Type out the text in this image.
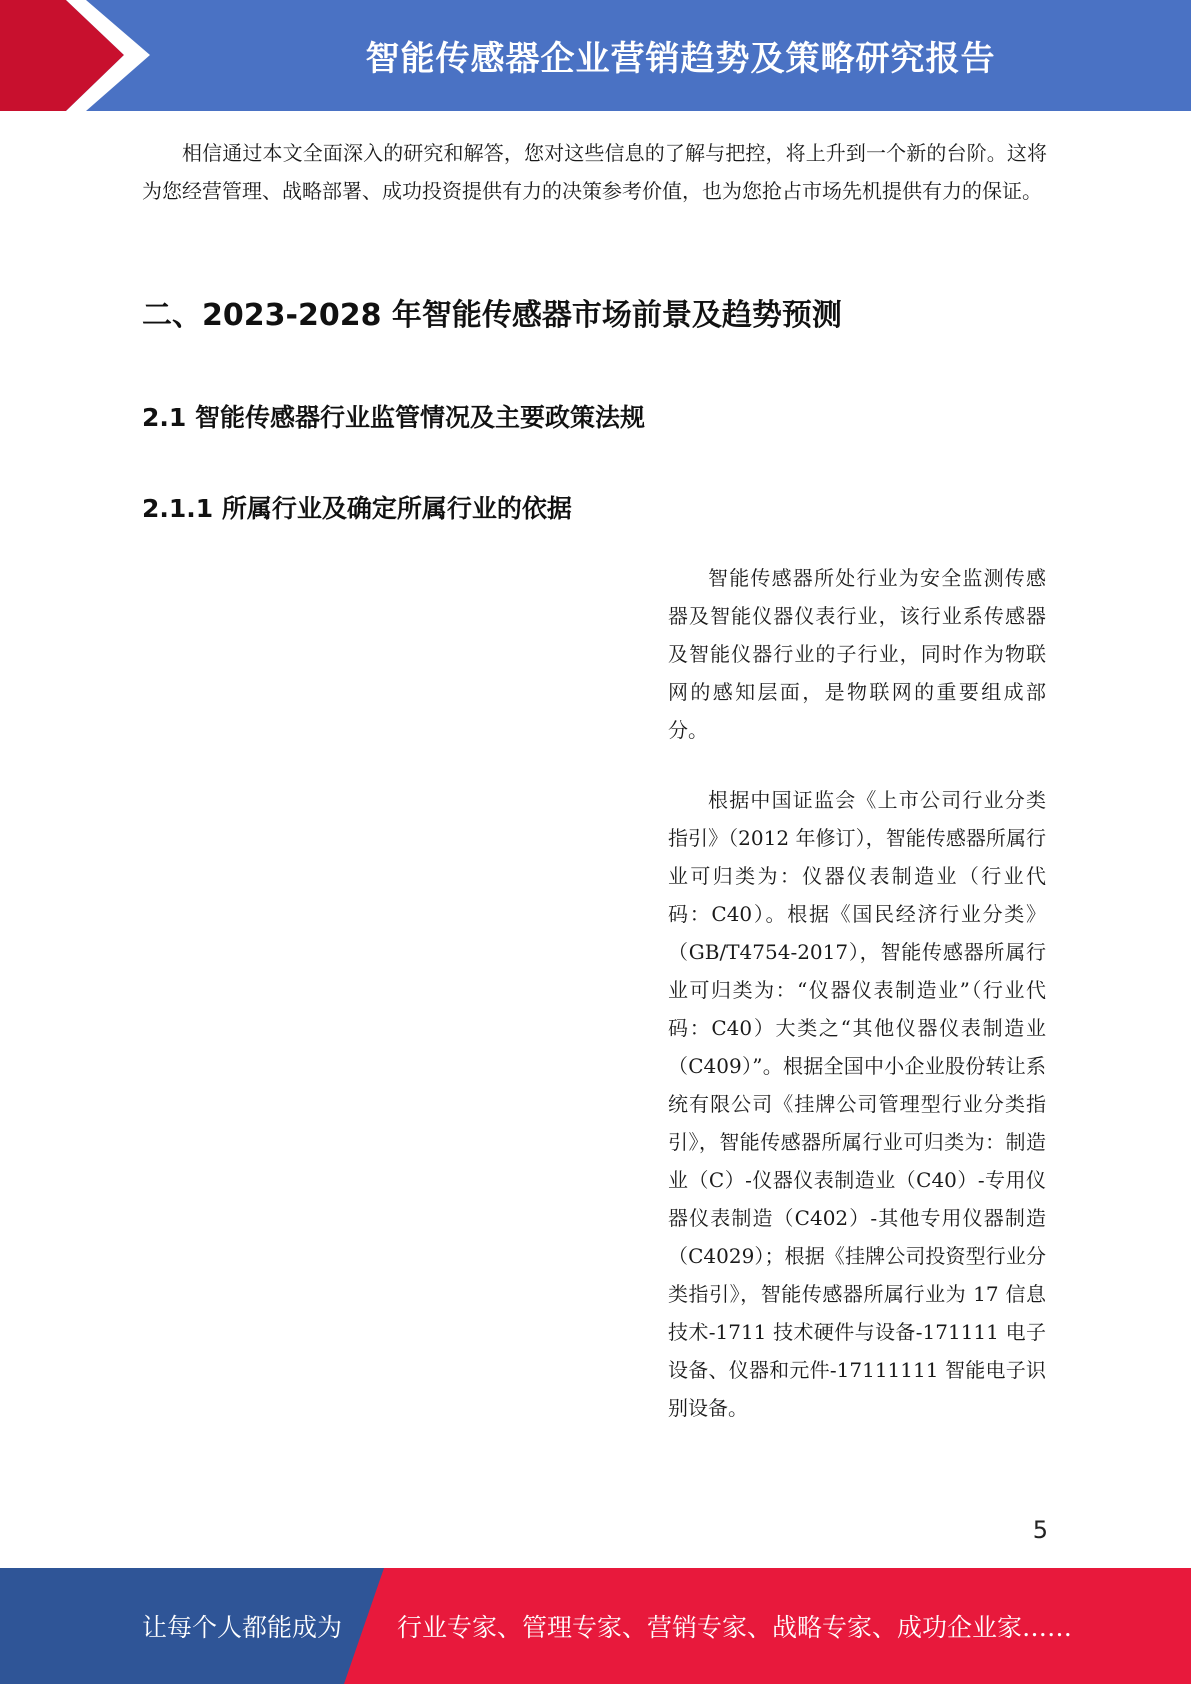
智能传感器企业营销趋势及策略研究报告

相信通过本文全面深入的研究和解答，您对这些信息的了解与把控，将上升到一个新的台阶。这将为您经营管理、战略部署、成功投资提供有力的决策参考价值，也为您抢占市场先机提供有力的保证。

二、2023-2028 年智能传感器市场前景及趋势预测
2.1 智能传感器行业监管情况及主要政策法规
2.1.1 所属行业及确定所属行业的依据

智能传感器所处行业为安全监测传感器及智能仪器仪表行业，该行业系传感器及智能仪器行业的子行业，同时作为物联网的感知层面，是物联网的重要组成部分。

根据中国证监会《上市公司行业分类指引》（2012 年修订），智能传感器所属行业可归类为：仪器仪表制造业（行业代码：C40）。根据《国民经济行业分类》（GB/T4754-2017），智能传感器所属行业可归类为：“仪器仪表制造业”（行业代码：C40）大类之“其他仪器仪表制造业（C409）”。根据全国中小企业股份转让系统有限公司《挂牌公司管理型行业分类指引》，智能传感器所属行业可归类为：制造业（C）-仪器仪表制造业（C40）-专用仪器仪表制造（C402）-其他专用仪器制造（C4029）；根据《挂牌公司投资型行业分类指引》，智能传感器所属行业为 17 信息技术-1711 技术硬件与设备-171111 电子设备、仪器和元件-17111111 智能电子识别设备。

5
让每个人都能成为 行业专家、管理专家、营销专家、战略专家、成功企业家……
